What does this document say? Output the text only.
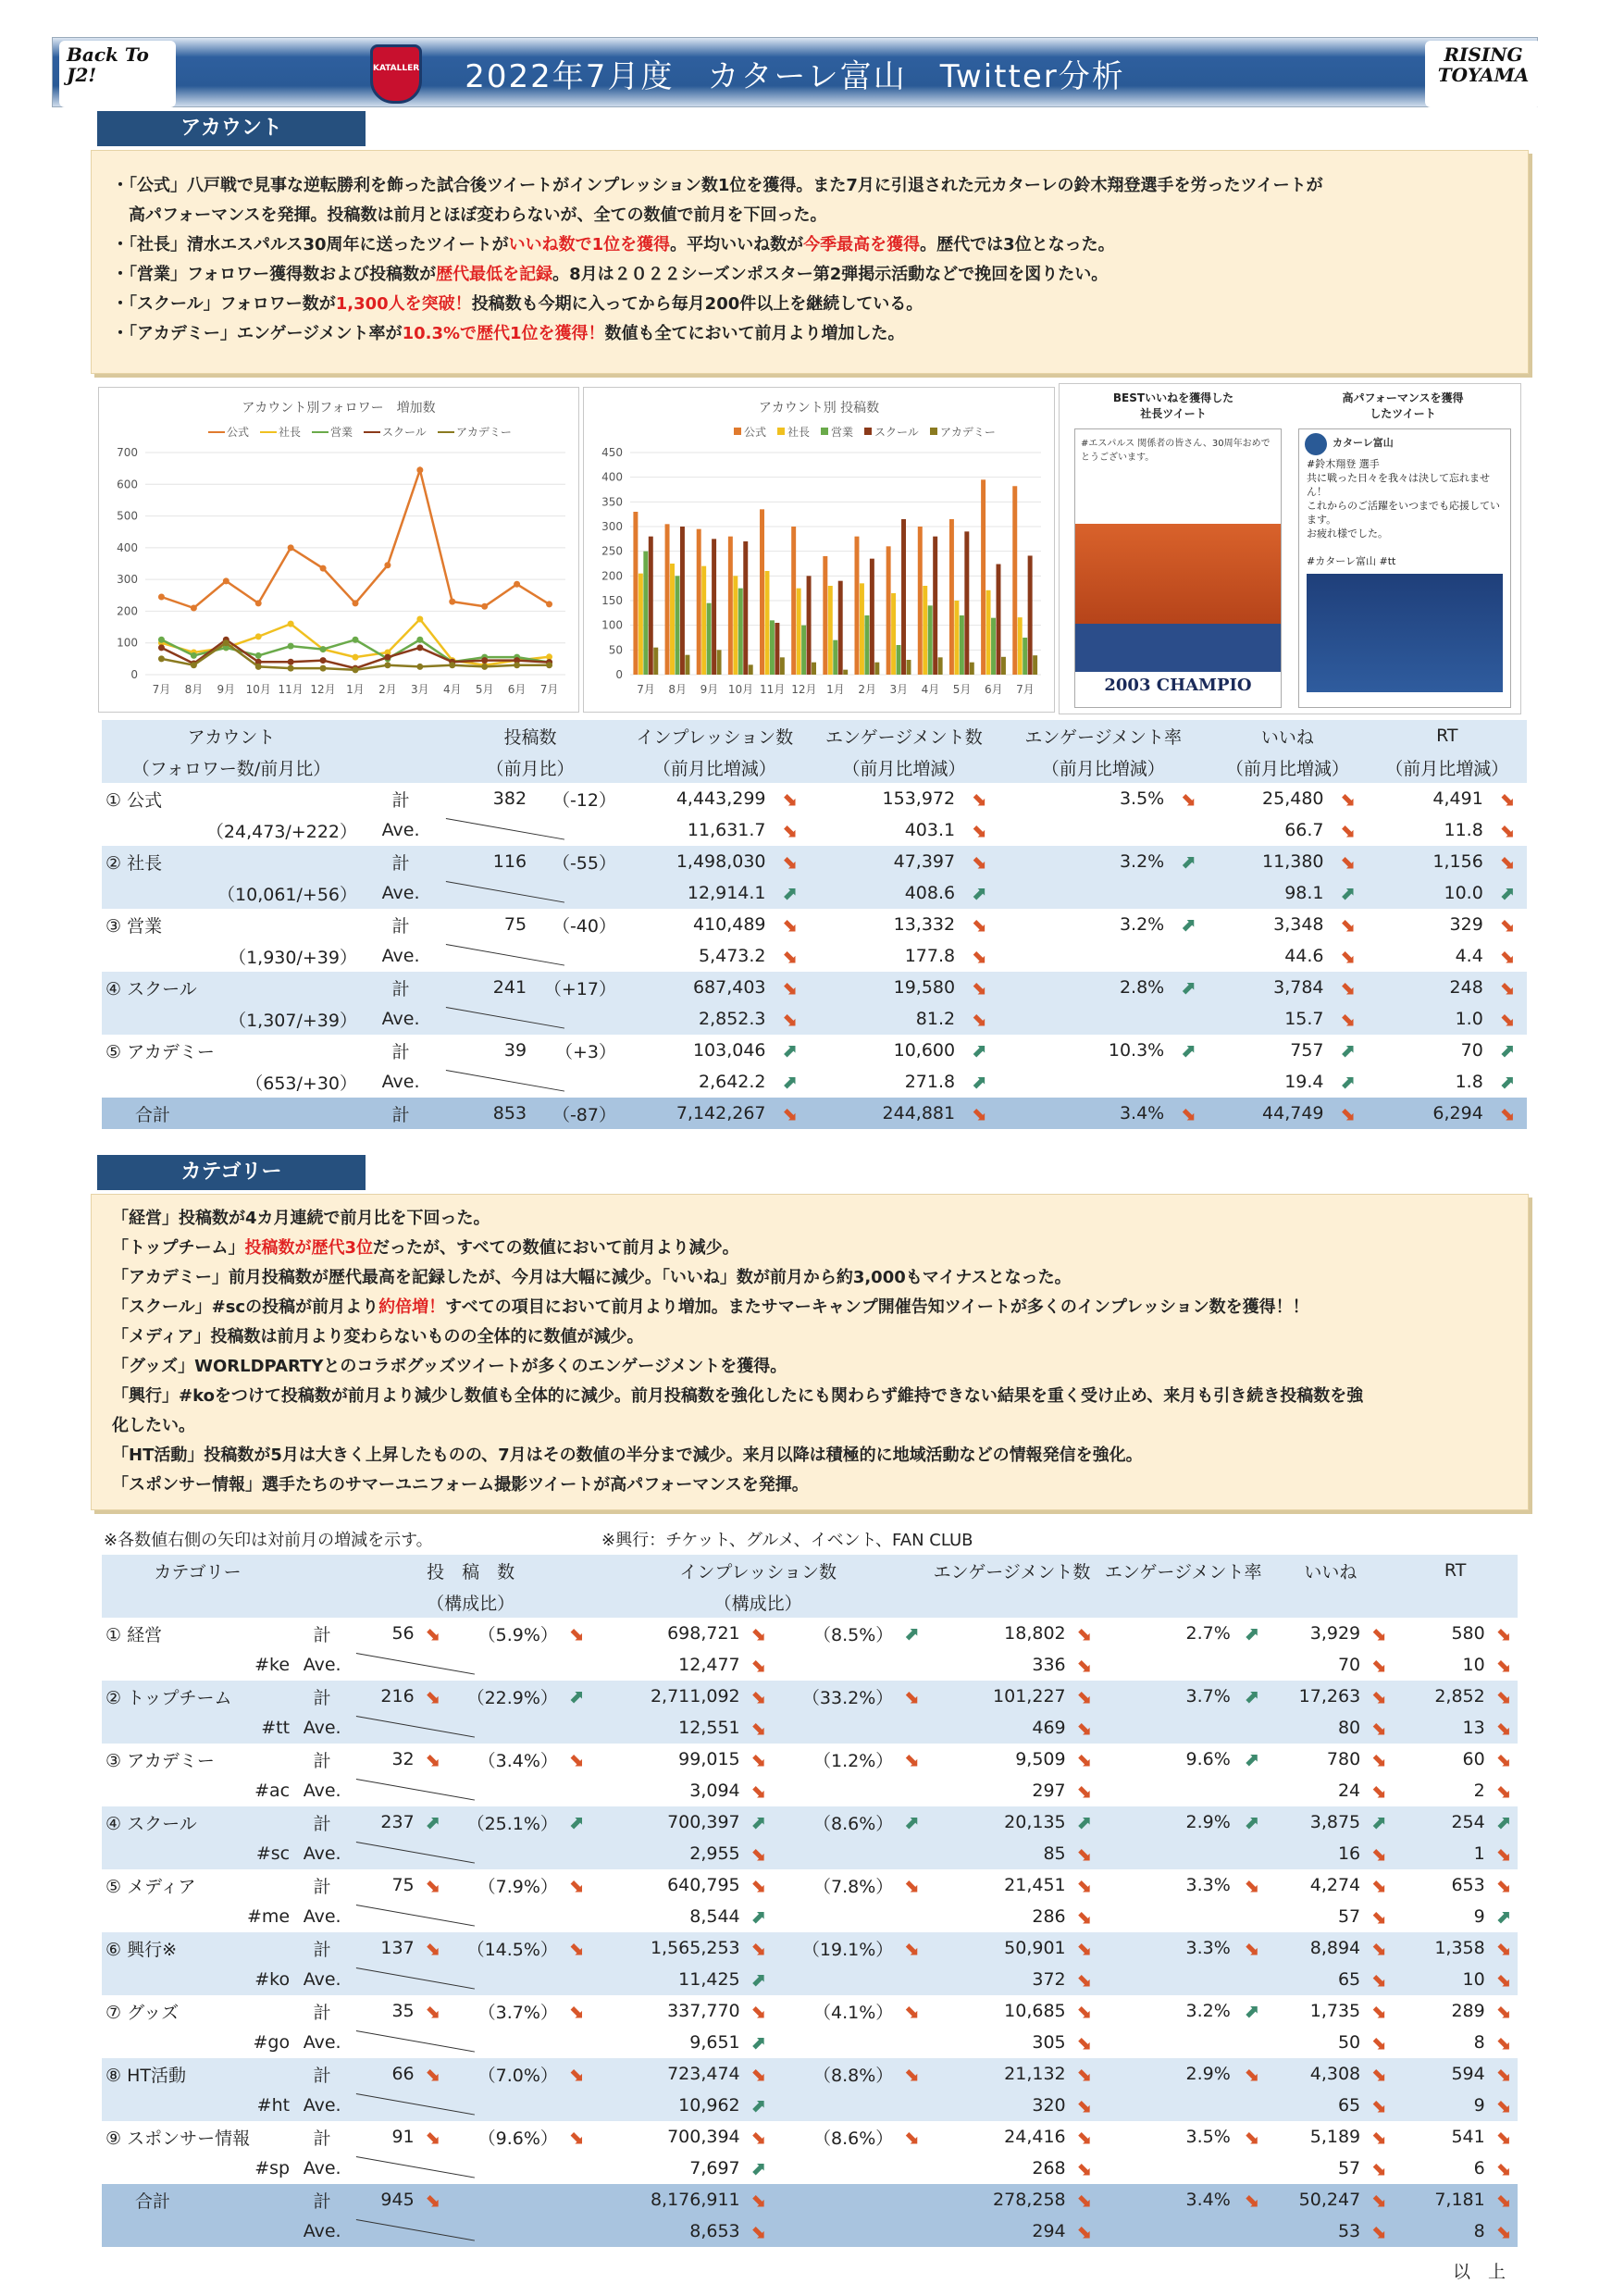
2022年7月度　カターレ富山　Twitter分析
Back To J2!	KATALLER
RISING TOYAMA
アカウント
・「公式」八戸戦で見事な逆転勝利を飾った試合後ツイートがインプレッション数1位を獲得。また7月に引退された元カターレの鈴木翔登選手を労ったツイートが
　高パフォーマンスを発揮。投稿数は前月とほぼ変わらないが、全ての数値で前月を下回った。
・「社長」清水エスパルス30周年に送ったツイートがいいね数で1位を獲得。平均いいね数が今季最高を獲得。歴代では3位となった。
・「営業」フォロワー獲得数および投稿数が歴代最低を記録。8月は２０２２シーズンポスター第2弾掲示活動などで挽回を図りたい。
・「スクール」フォロワー数が1,300人を突破！投稿数も今期に入ってから毎月200件以上を継続している。
・「アカデミー」エンゲージメント率が10.3%で歴代1位を獲得！数値も全てにおいて前月より増加した。
アカウント別フォロワー　増加数
公式	社長	営業	スクール	アカデミー
0
100
200
300
400
500
600
700
7月 8月 9月 10月 11月 12月 1月 2月 3月 4月 5月 6月 7月
アカウント別 投稿数
公式 社長 営業 スクール アカデミー
0
50
100
150
200
250
300
350
400
450
7月 8月 9月 10月 11月 12月 1月 2月 3月 4月 5月 6月 7月
BESTいいねを獲得した
社長ツイート
高パフォーマンスを獲得
したツイート
#エスパルス 関係者の皆さん、30周年おめでとうございます。
2003 CHAMPIO
カターレ富山
#鈴木翔登 選手
共に戦った日々を我々は決して忘れません！
これからのご活躍をいつまでも応援しています。
お疲れ様でした。

#カターレ富山 #tt
アカウント		投稿数		インプレッション数		エンゲージメント数		エンゲージメント率		いいね		RT	
（フォロワー数/前月比）		（前月比）		（前月比増減）		（前月比増減）		（前月比増減）		（前月比増減）		（前月比増減）	
① 公式	計	382	（-12）	4,443,299	⬊	153,972	⬊	3.5%	⬊	25,480	⬊	4,491	⬊
（24,473/+222）	Ave.			11,631.7	⬊	403.1	⬊			66.7	⬊	11.8	⬊
② 社長	計	116	（-55）	1,498,030	⬊	47,397	⬊	3.2%	⬈	11,380	⬊	1,156	⬊
（10,061/+56）	Ave.			12,914.1	⬈	408.6	⬈			98.1	⬈	10.0	⬈
③ 営業	計	75	（-40）	410,489	⬊	13,332	⬊	3.2%	⬈	3,348	⬊	329	⬊
（1,930/+39）	Ave.			5,473.2	⬊	177.8	⬊			44.6	⬊	4.4	⬊
④ スクール	計	241	（+17）	687,403	⬊	19,580	⬊	2.8%	⬈	3,784	⬊	248	⬊
（1,307/+39）	Ave.			2,852.3	⬊	81.2	⬊			15.7	⬊	1.0	⬊
⑤ アカデミー	計	39	（+3）	103,046	⬈	10,600	⬈	10.3%	⬈	757	⬈	70	⬈
（653/+30）	Ave.			2,642.2	⬈	271.8	⬈			19.4	⬈	1.8	⬈
合計	計	853	（-87）	7,142,267	⬊	244,881	⬊	3.4%	⬊	44,749	⬊	6,294	⬊
カテゴリー
「経営」投稿数が4カ月連続で前月比を下回った。
「トップチーム」投稿数が歴代3位だったが、すべての数値において前月より減少。
「アカデミー」前月投稿数が歴代最高を記録したが、今月は大幅に減少。「いいね」数が前月から約3,000もマイナスとなった。
「スクール」#scの投稿が前月より約倍増！すべての項目において前月より増加。またサマーキャンプ開催告知ツイートが多くのインプレッション数を獲得！！
「メディア」投稿数は前月より変わらないものの全体的に数値が減少。
「グッズ」WORLDPARTYとのコラボグッズツイートが多くのエンゲージメントを獲得。
「興行」#koをつけて投稿数が前月より減少し数値も全体的に減少。前月投稿数を強化したにも関わらず維持できない結果を重く受け止め、来月も引き続き投稿数を強
化したい。
「HT活動」投稿数が5月は大きく上昇したものの、7月はその数値の半分まで減少。来月以降は積極的に地域活動などの情報発信を強化。
「スポンサー情報」選手たちのサマーユニフォーム撮影ツイートが高パフォーマンスを発揮。
※各数値右側の矢印は対前月の増減を示す。	※興行：チケット、グルメ、イベント、FAN CLUB
カテゴリー		投　稿　数				インプレッション数				エンゲージメント数		エンゲージメント率		いいね		RT	
		（構成比）				（構成比）											
① 経営	計	56	⬊	（5.9%）	⬊	698,721	⬊	（8.5%）	⬈	18,802	⬊	2.7%	⬈	3,929	⬊	580	⬊
#ke	Ave.					12,477	⬊			336	⬊			70	⬊	10	⬊
② トップチーム	計	216	⬊	（22.9%）	⬈	2,711,092	⬊	（33.2%）	⬊	101,227	⬊	3.7%	⬈	17,263	⬊	2,852	⬊
#tt	Ave.					12,551	⬊			469	⬊			80	⬊	13	⬊
③ アカデミー	計	32	⬊	（3.4%）	⬊	99,015	⬊	（1.2%）	⬊	9,509	⬊	9.6%	⬈	780	⬊	60	⬊
#ac	Ave.					3,094	⬊			297	⬊			24	⬊	2	⬊
④ スクール	計	237	⬈	（25.1%）	⬈	700,397	⬈	（8.6%）	⬈	20,135	⬈	2.9%	⬈	3,875	⬈	254	⬈
#sc	Ave.					2,955	⬊			85	⬊			16	⬊	1	⬊
⑤ メディア	計	75	⬊	（7.9%）	⬊	640,795	⬊	（7.8%）	⬊	21,451	⬊	3.3%	⬊	4,274	⬊	653	⬊
#me	Ave.					8,544	⬈			286	⬊			57	⬊	9	⬈
⑥ 興行※	計	137	⬊	（14.5%）	⬊	1,565,253	⬊	（19.1%）	⬊	50,901	⬊	3.3%	⬊	8,894	⬊	1,358	⬊
#ko	Ave.					11,425	⬈			372	⬊			65	⬊	10	⬊
⑦ グッズ	計	35	⬊	（3.7%）	⬊	337,770	⬊	（4.1%）	⬊	10,685	⬊	3.2%	⬈	1,735	⬊	289	⬊
#go	Ave.					9,651	⬈			305	⬊			50	⬊	8	⬊
⑧ HT活動	計	66	⬊	（7.0%）	⬊	723,474	⬊	（8.8%）	⬊	21,132	⬊	2.9%	⬊	4,308	⬊	594	⬊
#ht	Ave.					10,962	⬈			320	⬊			65	⬊	9	⬊
⑨ スポンサー情報	計	91	⬊	（9.6%）	⬊	700,394	⬊	（8.6%）	⬊	24,416	⬊	3.5%	⬊	5,189	⬊	541	⬊
#sp	Ave.					7,697	⬈			268	⬊			57	⬊	6	⬊
合計	計	945	⬊			8,176,911	⬊			278,258	⬊	3.4%	⬊	50,247	⬊	7,181	⬊
	Ave.					8,653	⬊			294	⬊			53	⬊	8	⬊
以　上
